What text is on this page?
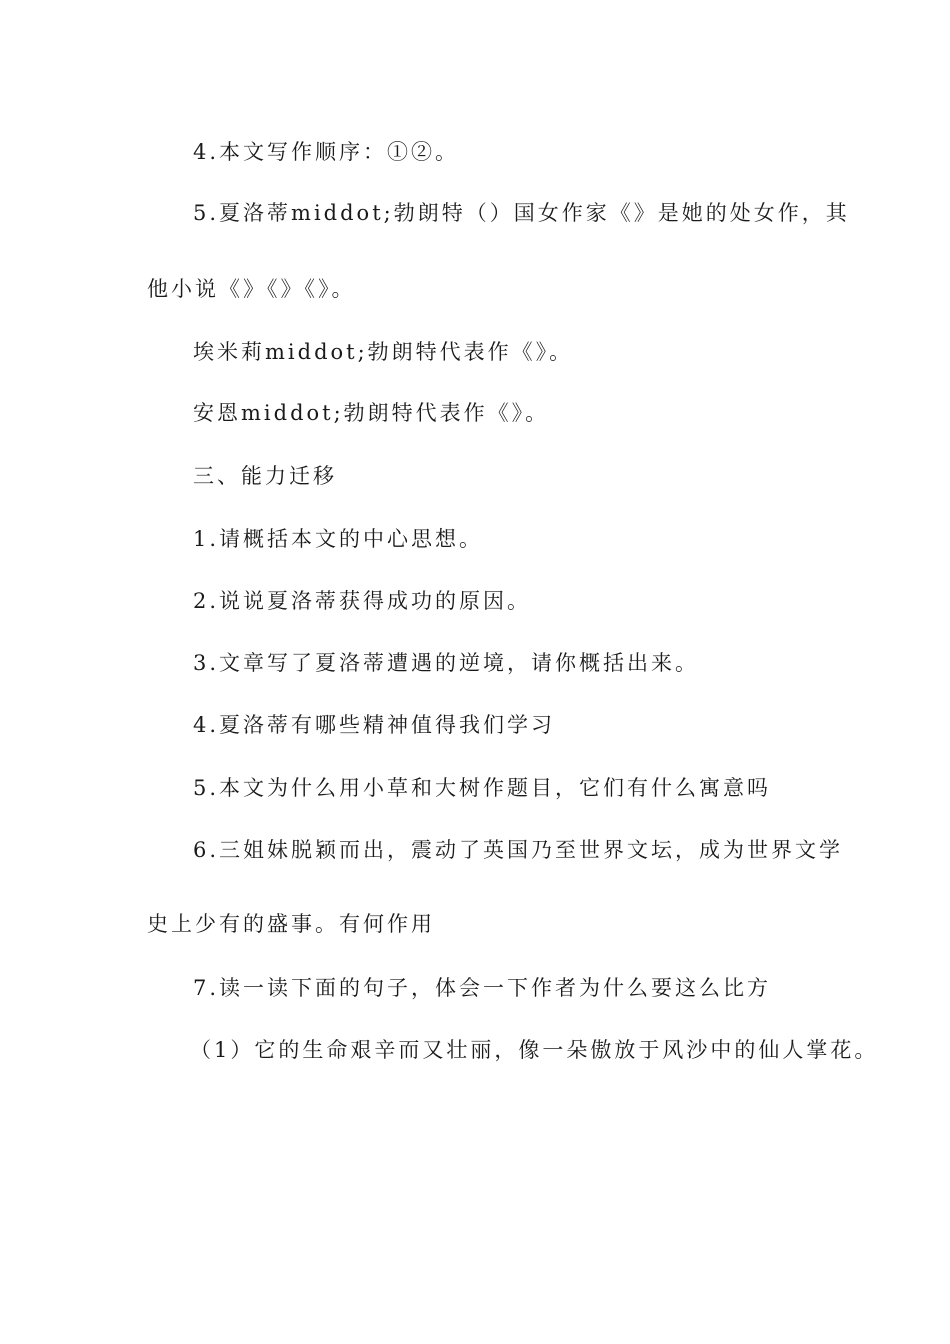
4.本文写作顺序：①②。
5.夏洛蒂middot;勃朗特（）国女作家《》是她的处女作，其
他小说《》《》《》。
埃米莉middot;勃朗特代表作《》。
安恩middot;勃朗特代表作《》。
三、能力迁移
1.请概括本文的中心思想。
2.说说夏洛蒂获得成功的原因。
3.文章写了夏洛蒂遭遇的逆境，请你概括出来。
4.夏洛蒂有哪些精神值得我们学习
5.本文为什么用小草和大树作题目，它们有什么寓意吗
6.三姐妹脱颖而出，震动了英国乃至世界文坛，成为世界文学
史上少有的盛事。有何作用
7.读一读下面的句子，体会一下作者为什么要这么比方
（1）它的生命艰辛而又壮丽，像一朵傲放于风沙中的仙人掌花。
